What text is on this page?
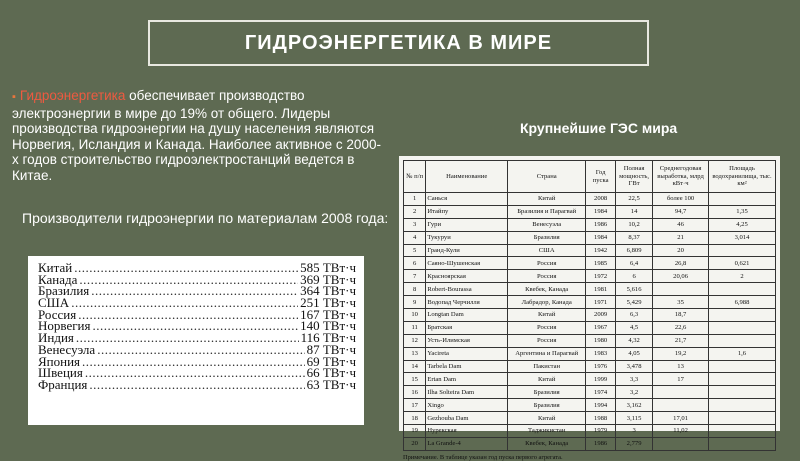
ГИДРОЭНЕРГЕТИКА В МИРЕ
▪ Гидроэнергетика обеспечивает производство электроэнергии в мире до 19% от общего. Лидеры производства гидроэнергии на душу населения являются Норвегия, Исландия и Канада. Наиболее активное с 2000-х годов строительство гидроэлектростанций ведется в Китае.
Производители гидроэнергии по материалам 2008 года:
Крупнейшие ГЭС мира
Китай .....	585 ТВт·ч
Канада .....	369 ТВт·ч
Бразилия .....	364 ТВт·ч
США .....	251 ТВт·ч
Россия .....	167 ТВт·ч
Норвегия .....	140 ТВт·ч
Индия .....	116 ТВт·ч
Венесуэла .....	87 ТВт·ч
Япония .....	69 ТВт·ч
Швеция .....	66 ТВт·ч
Франция .....	63 ТВт·ч
№ п/п	Наименование	Страна	Год пуска	Полная мощность, ГВт	Среднегодовая выработка, млрд кВт·ч	Площадь водохранилища, тыс. км²
1	Санься	Китай	2008	22,5	более 100	
2	Итайпу	Бразилия и Парагвай	1984	14	94,7	1,35
3	Гури	Венесуэла	1986	10,2	46	4,25
4	Тукуруи	Бразилия	1984	8,37	21	3,014
5	Гранд-Кули	США	1942	6,809	20	
6	Саяно-Шушенская	Россия	1985	6,4	26,8	0,621
7	Красноярская	Россия	1972	6	20,06	2
8	Robert-Bourassa	Квебек, Канада	1981	5,616		
9	Водопад Черчилля	Лабрадор, Канада	1971	5,429	35	6,988
10	Longtan Dam	Китай	2009	6,3	18,7	
11	Братская	Россия	1967	4,5	22,6	
12	Усть-Илимская	Россия	1980	4,32	21,7	
13	Yacireta	Аргентина и Парагвай	1983	4,05	19,2	1,6
14	Tarbela Dam	Пакистан	1976	3,478	13	
15	Ertan Dam	Китай	1999	3,3	17	
16	Ilha Solteira Dam	Бразилия	1974	3,2		
17	Xingo	Бразилия	1994	3,162		
18	Gezhouba Dam	Китай	1988	3,115	17,01	
19	Нурекская	Таджикистан	1979	3	11,02	
20	La Grande-4	Квебек, Канада	1986	2,779		
Примечание. В таблице указан год пуска первого агрегата.
